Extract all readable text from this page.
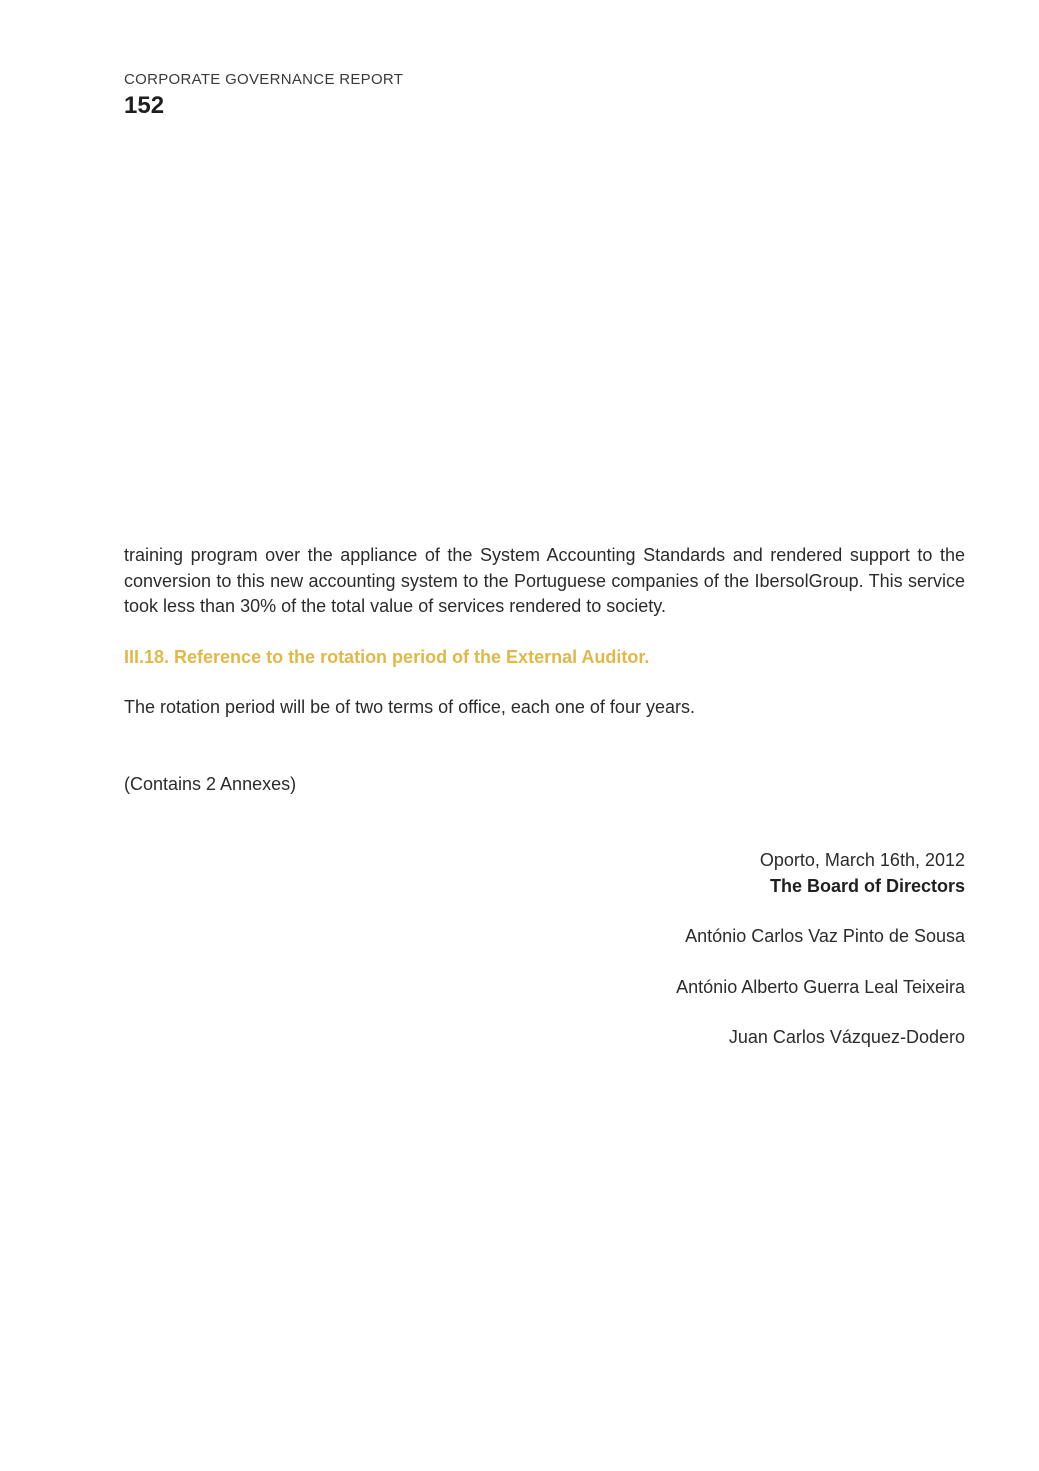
CORPORATE GOVERNANCE REPORT
152

training program over the appliance of the System Accounting Standards and rendered support to the conversion to this new accounting system to the Portuguese companies of the IbersolGroup. This service took less than 30% of the total value of services rendered to society.

III.18. Reference to the rotation period of the External Auditor.

The rotation period will be of two terms of office, each one of four years.

(Contains 2 Annexes)

Oporto, March 16th, 2012

The Board of Directors

António Carlos Vaz Pinto de Sousa

António Alberto Guerra Leal Teixeira

Juan Carlos Vázquez-Dodero
